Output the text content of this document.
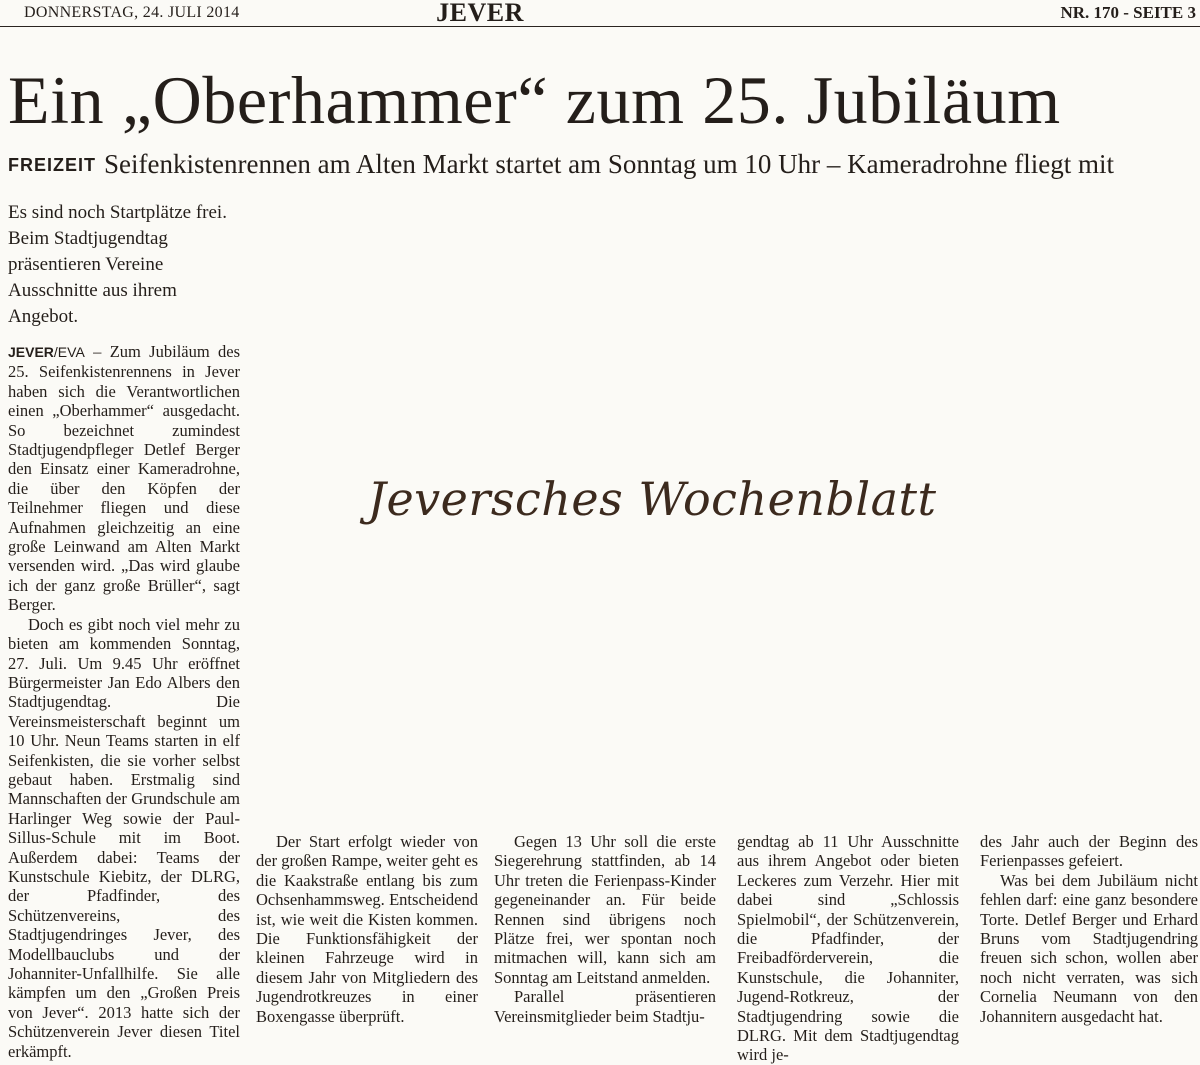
DONNERSTAG, 24. JULI 2014	JEVER	NR. 170 - SEITE 3
Ein „Oberhammer“ zum 25. Jubiläum
FREIZEIT Seifenkistenrennen am Alten Markt startet am Sonntag um 10 Uhr – Kameradrohne fliegt mit

Es sind noch Startplätze frei. Beim Stadtjugendtag präsentieren Vereine Ausschnitte aus ihrem Angebot.

JEVER/EVA – Zum Jubiläum des 25. Seifenkistenrennens in Jever haben sich die Verantwortlichen einen „Oberhammer“ ausgedacht. So bezeichnet zumindest Stadtjugendpfleger Detlef Berger den Einsatz einer Kameradrohne, die über den Köpfen der Teilnehmer fliegen und diese Aufnahmen gleichzeitig an eine große Leinwand am Alten Markt versenden wird. „Das wird glaube ich der ganz große Brüller“, sagt Berger.

Doch es gibt noch viel mehr zu bieten am kommenden Sonntag, 27. Juli. Um 9.45 Uhr eröffnet Bürgermeister Jan Edo Albers den Stadtjugendtag. Die Vereinsmeisterschaft beginnt um 10 Uhr. Neun Teams starten in elf Seifenkisten, die sie vorher selbst gebaut haben. Erstmalig sind Mannschaften der Grundschule am Harlinger Weg sowie der Paul-Sillus-Schule mit im Boot. Außerdem dabei: Teams der Kunstschule Kiebitz, der DLRG, der Pfadfinder, des Schützenvereins, des Stadtjugendringes Jever, des Modellbauclubs und der Johanniter-Unfallhilfe. Sie alle kämpfen um den „Großen Preis von Jever“. 2013 hatte sich der Schützenverein Jever diesen Titel erkämpft.

Jeversches Wochenblatt

Der Start erfolgt wieder von der großen Rampe, weiter geht es die Kaakstraße entlang bis zum Ochsenhammsweg. Entscheidend ist, wie weit die Kisten kommen. Die Funktionsfähigkeit der kleinen Fahrzeuge wird in diesem Jahr von Mitgliedern des Jugendrotkreuzes in einer Boxengasse überprüft.

Gegen 13 Uhr soll die erste Siegerehrung stattfinden, ab 14 Uhr treten die Ferienpass-Kinder gegeneinander an. Für beide Rennen sind übrigens noch Plätze frei, wer spontan noch mitmachen will, kann sich am Sonntag am Leitstand anmelden.

Parallel präsentieren Vereinsmitglieder beim Stadtju-

gendtag ab 11 Uhr Ausschnitte aus ihrem Angebot oder bieten Leckeres zum Verzehr. Hier mit dabei sind „Schlossis Spielmobil“, der Schützenverein, die Pfadfinder, der Freibadförderverein, die Kunstschule, die Johanniter, Jugend-Rotkreuz, der Stadtjugendring sowie die DLRG. Mit dem Stadtjugendtag wird je-

des Jahr auch der Beginn des Ferienpasses gefeiert.

Was bei dem Jubiläum nicht fehlen darf: eine ganz besondere Torte. Detlef Berger und Erhard Bruns vom Stadtjugendring freuen sich schon, wollen aber noch nicht verraten, was sich Cornelia Neumann von den Johannitern ausgedacht hat.
